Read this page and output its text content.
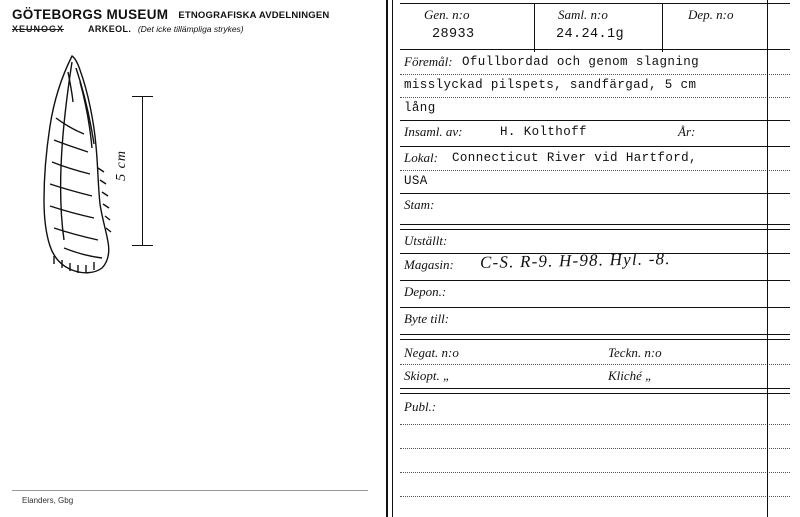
GÖTEBORGS MUSEUM ETNOGRAFISKA AVDELNINGEN
XEUNOGX	ARKEOL. (Det icke tillämpliga strykes)
5 cm
Elanders, Gbg
Gen. n:o	Saml. n:o	Dep. n:o
28933	24.24.1g
Föremål: Ofullbordad och genom slagning
misslyckad pilspets, sandfärgad, 5 cm
lång
Insaml. av:	H. Kolthoff	År:
Lokal: Connecticut River vid Hartford,
USA
Stam:
Utställt:
Magasin: C-S. R-9. H-98. Hyl. -8.
Depon.:
Byte till:
Negat. n:o	Teckn. n:o
Skiopt. „	Kliché „
Publ.:
